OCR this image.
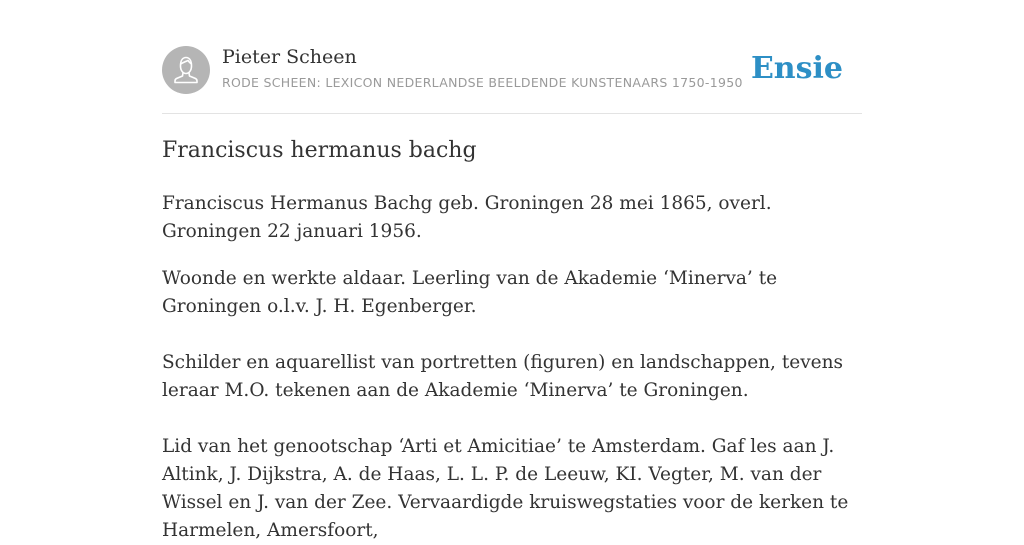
Pieter Scheen
RODE SCHEEN: LEXICON NEDERLANDSE BEELDENDE KUNSTENAARS 1750-1950 Ensie
Franciscus hermanus bachg

Franciscus Hermanus Bachg geb. Groningen 28 mei 1865, overl. Groningen 22 januari 1956.

Woonde en werkte aldaar. Leerling van de Akademie ‘Minerva’ te Groningen o.l.v. J. H. Egenberger.

Schilder en aquarellist van portretten (figuren) en landschappen, tevens leraar M.O. tekenen aan de Akademie ‘Minerva’ te Groningen.

Lid van het genootschap ‘Arti et Amicitiae’ te Amsterdam. Gaf les aan J. Altink, J. Dijkstra, A. de Haas, L. L. P. de Leeuw, KI. Vegter, M. van der Wissel en J. van der Zee. Vervaardigde kruiswegstaties voor de kerken te Harmelen, Amersfoort,
